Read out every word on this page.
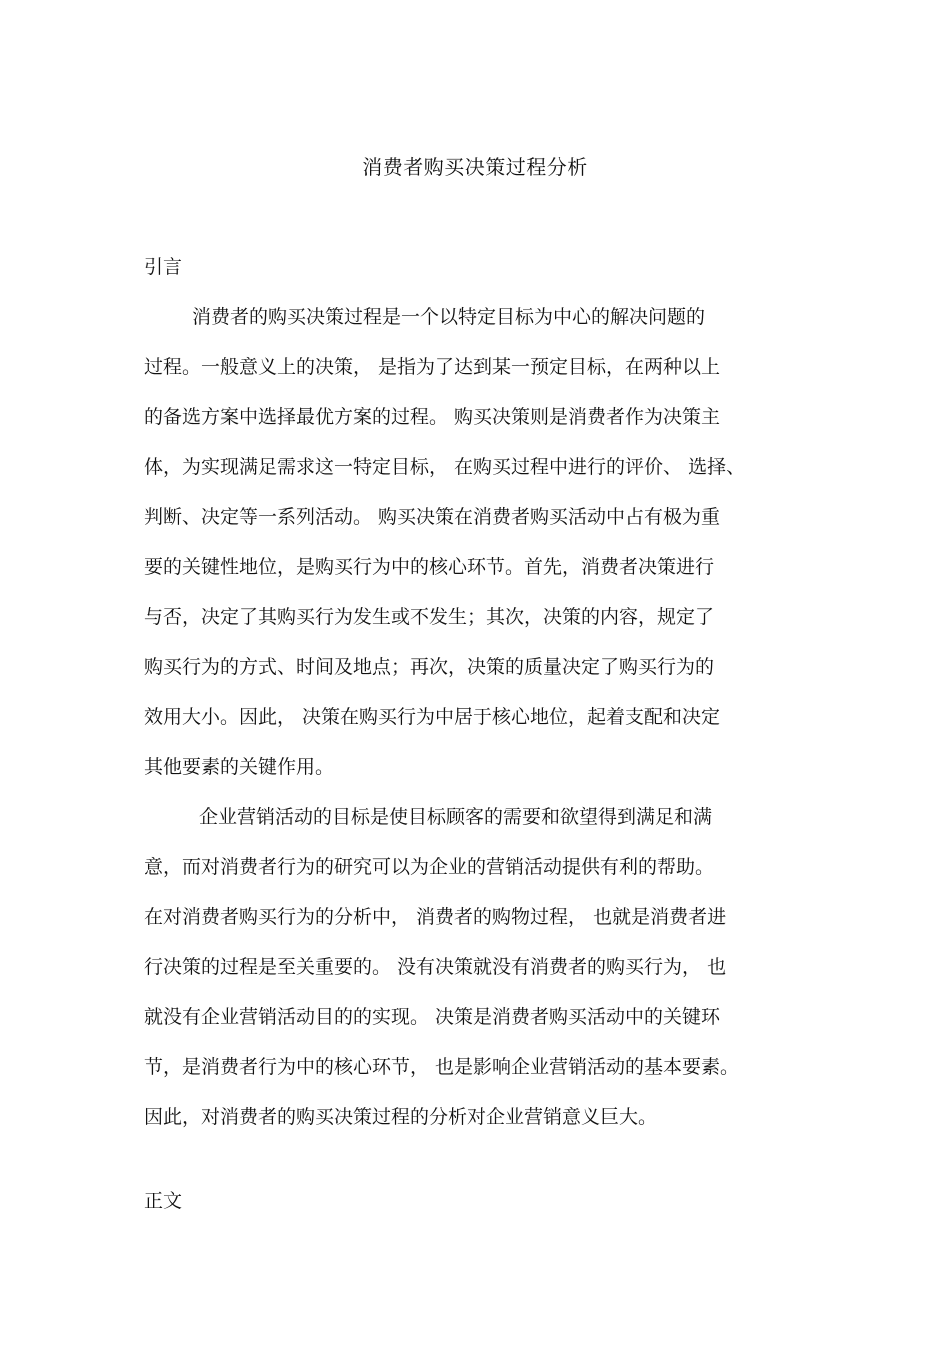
消费者购买决策过程分析
引言
消费者的购买决策过程是一个以特定目标为中心的解决问题的
过程。一般意义上的决策， 是指为了达到某一预定目标，在两种以上
的备选方案中选择最优方案的过程。 购买决策则是消费者作为决策主
体，为实现满足需求这一特定目标， 在购买过程中进行的评价、 选择、
判断、决定等一系列活动。 购买决策在消费者购买活动中占有极为重
要的关键性地位，是购买行为中的核心环节。首先，消费者决策进行
与否，决定了其购买行为发生或不发生；其次，决策的内容，规定了
购买行为的方式、时间及地点；再次，决策的质量决定了购买行为的
效用大小。因此， 决策在购买行为中居于核心地位，起着支配和决定
其他要素的关键作用。
企业营销活动的目标是使目标顾客的需要和欲望得到满足和满
意，而对消费者行为的研究可以为企业的营销活动提供有利的帮助。
在对消费者购买行为的分析中， 消费者的购物过程， 也就是消费者进
行决策的过程是至关重要的。 没有决策就没有消费者的购买行为， 也
就没有企业营销活动目的的实现。 决策是消费者购买活动中的关键环
节，是消费者行为中的核心环节， 也是影响企业营销活动的基本要素。
因此，对消费者的购买决策过程的分析对企业营销意义巨大。
正文
